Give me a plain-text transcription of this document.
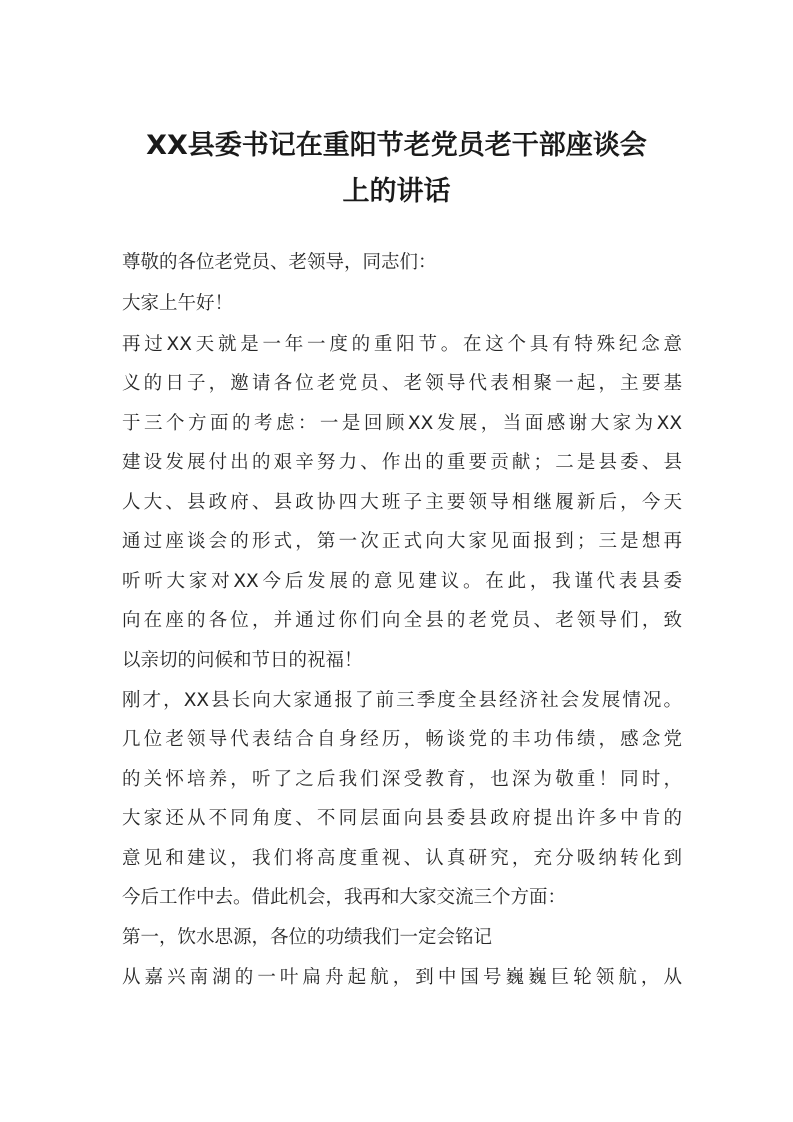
XX县委书记在重阳节老党员老干部座谈会
上的讲话
尊敬的各位老党员、老领导，同志们：
大家上午好！
再过XX天就是一年一度的重阳节。在这个具有特殊纪念意
义的日子，邀请各位老党员、老领导代表相聚一起，主要基
于三个方面的考虑：一是回顾XX发展，当面感谢大家为XX
建设发展付出的艰辛努力、作出的重要贡献；二是县委、县
人大、县政府、县政协四大班子主要领导相继履新后，今天
通过座谈会的形式，第一次正式向大家见面报到；三是想再
听听大家对XX今后发展的意见建议。在此，我谨代表县委
向在座的各位，并通过你们向全县的老党员、老领导们，致
以亲切的问候和节日的祝福！
刚才，XX县长向大家通报了前三季度全县经济社会发展情况。
几位老领导代表结合自身经历，畅谈党的丰功伟绩，感念党
的关怀培养，听了之后我们深受教育，也深为敬重！同时，
大家还从不同角度、不同层面向县委县政府提出许多中肯的
意见和建议，我们将高度重视、认真研究，充分吸纳转化到
今后工作中去。借此机会，我再和大家交流三个方面：
第一，饮水思源，各位的功绩我们一定会铭记
从嘉兴南湖的一叶扁舟起航，到中国号巍巍巨轮领航，从
